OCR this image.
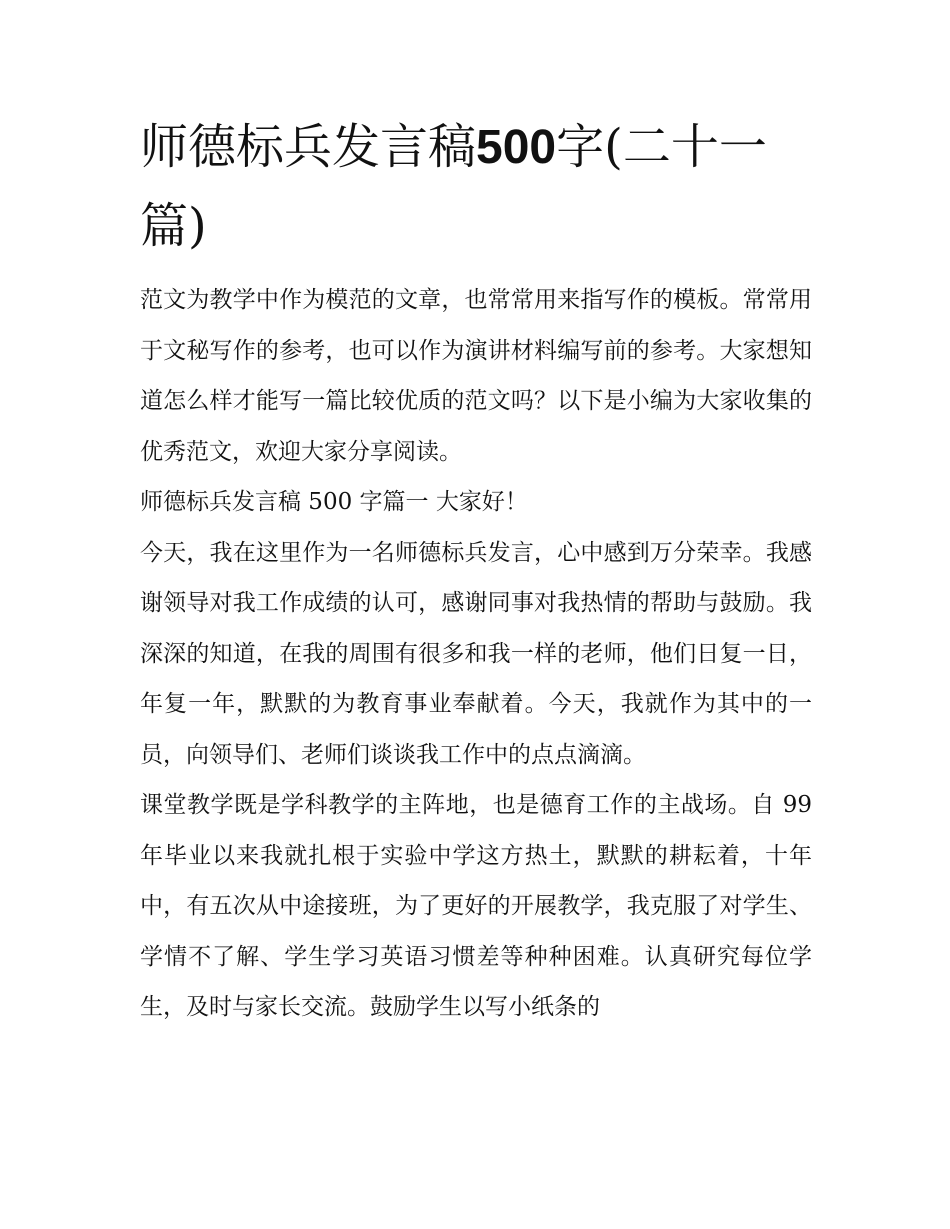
师德标兵发言稿500字(二十一篇)

范文为教学中作为模范的文章，也常常用来指写作的模板。常常用于文秘写作的参考，也可以作为演讲材料编写前的参考。大家想知道怎么样才能写一篇比较优质的范文吗？以下是小编为大家收集的优秀范文，欢迎大家分享阅读。

师德标兵发言稿 500 字篇一 大家好！

今天，我在这里作为一名师德标兵发言，心中感到万分荣幸。我感谢领导对我工作成绩的认可，感谢同事对我热情的帮助与鼓励。我深深的知道，在我的周围有很多和我一样的老师，他们日复一日，年复一年，默默的为教育事业奉献着。今天，我就作为其中的一员，向领导们、老师们谈谈我工作中的点点滴滴。

课堂教学既是学科教学的主阵地，也是德育工作的主战场。自 99 年毕业以来我就扎根于实验中学这方热土，默默的耕耘着，十年中，有五次从中途接班，为了更好的开展教学，我克服了对学生、学情不了解、学生学习英语习惯差等种种困难。认真研究每位学生，及时与家长交流。鼓励学生以写小纸条的
